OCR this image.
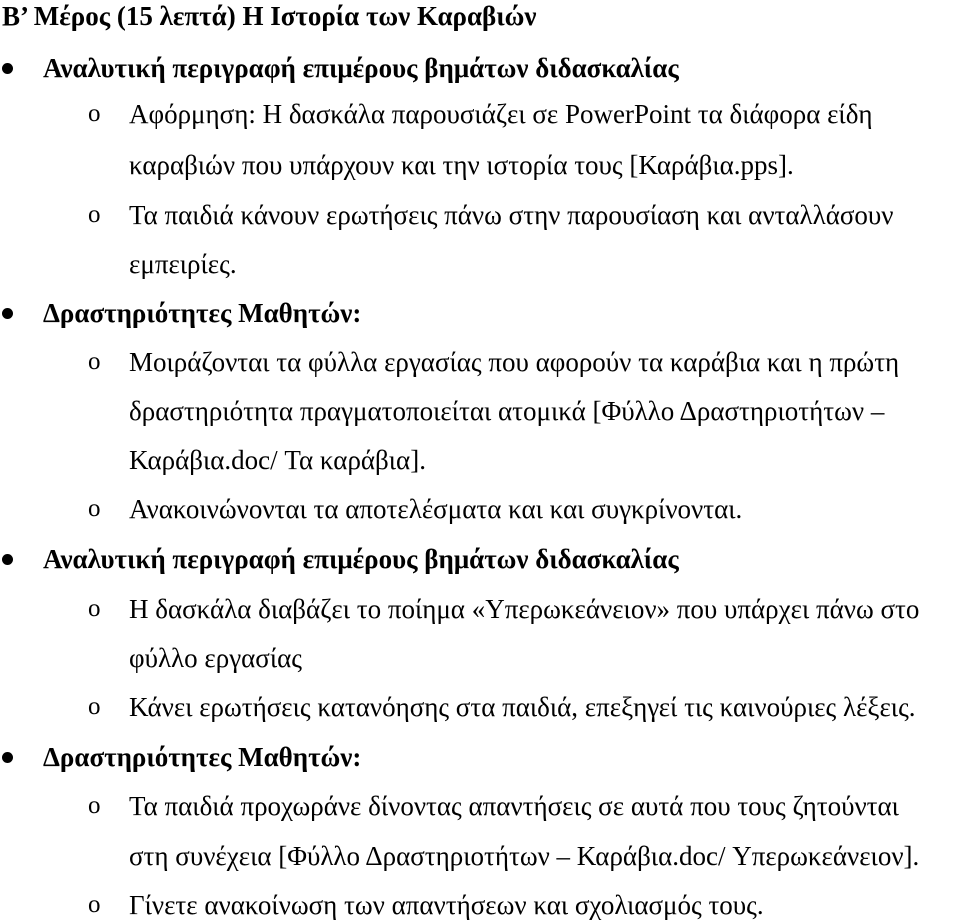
Β’ Μέρος (15 λεπτά) Η Ιστορία των Καραβιών
Αναλυτική περιγραφή επιμέρους βημάτων διδασκαλίας
o Αφόρμηση: Η δασκάλα παρουσιάζει σε PowerPoint τα διάφορα είδη
καραβιών που υπάρχουν και την ιστορία τους [Καράβια.pps].
o Τα παιδιά κάνουν ερωτήσεις πάνω στην παρουσίαση και ανταλλάσουν
εμπειρίες.
Δραστηριότητες Μαθητών:
o Μοιράζονται τα φύλλα εργασίας που αφορούν τα καράβια και η πρώτη
δραστηριότητα πραγματοποιείται ατομικά [Φύλλο Δραστηριοτήτων –
Καράβια.doc/ Τα καράβια].
o Ανακοινώνονται τα αποτελέσματα και και συγκρίνονται.
Αναλυτική περιγραφή επιμέρους βημάτων διδασκαλίας
o Η δασκάλα διαβάζει το ποίημα «Υπερωκεάνειον» που υπάρχει πάνω στο
φύλλο εργασίας
o Κάνει ερωτήσεις κατανόησης στα παιδιά, επεξηγεί τις καινούριες λέξεις.
Δραστηριότητες Μαθητών:
o Τα παιδιά προχωράνε δίνοντας απαντήσεις σε αυτά που τους ζητούνται
στη συνέχεια [Φύλλο Δραστηριοτήτων – Καράβια.doc/ Υπερωκεάνειον].
o Γίνετε ανακοίνωση των απαντήσεων και σχολιασμός τους.
